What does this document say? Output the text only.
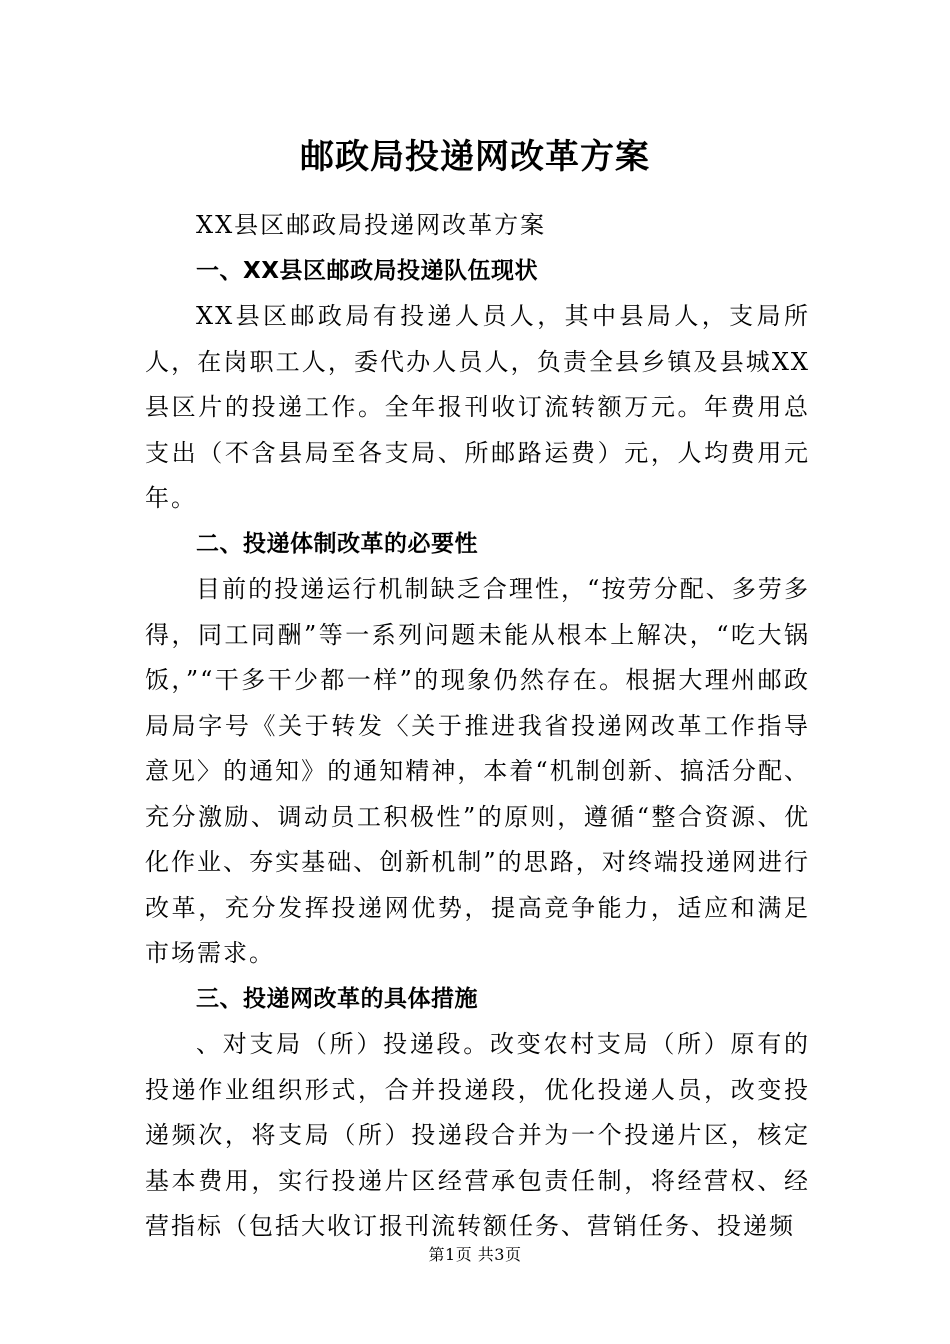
邮政局投递网改革方案

XX县区邮政局投递网改革方案

一、XX县区邮政局投递队伍现状

XX县区邮政局有投递人员人，其中县局人，支局所人，在岗职工人，委代办人员人，负责全县乡镇及县城XX县区片的投递工作。全年报刊收订流转额万元。年费用总支出（不含县局至各支局、所邮路运费）元，人均费用元年。

二、投递体制改革的必要性

目前的投递运行机制缺乏合理性，“按劳分配、多劳多得，同工同酬”等一系列问题未能从根本上解决，“吃大锅饭，”“干多干少都一样”的现象仍然存在。根据大理州邮政局局字号《关于转发〈关于推进我省投递网改革工作指导意见〉的通知》的通知精神，本着“机制创新、搞活分配、充分激励、调动员工积极性”的原则，遵循“整合资源、优化作业、夯实基础、创新机制”的思路，对终端投递网进行改革，充分发挥投递网优势，提高竞争能力，适应和满足市场需求。

三、投递网改革的具体措施

、对支局（所）投递段。改变农村支局（所）原有的投递作业组织形式，合并投递段，优化投递人员，改变投递频次，将支局（所）投递段合并为一个投递片区，核定基本费用，实行投递片区经营承包责任制，将经营权、经营指标（包括大收订报刊流转额任务、营销任务、投递频

第1页 共3页
